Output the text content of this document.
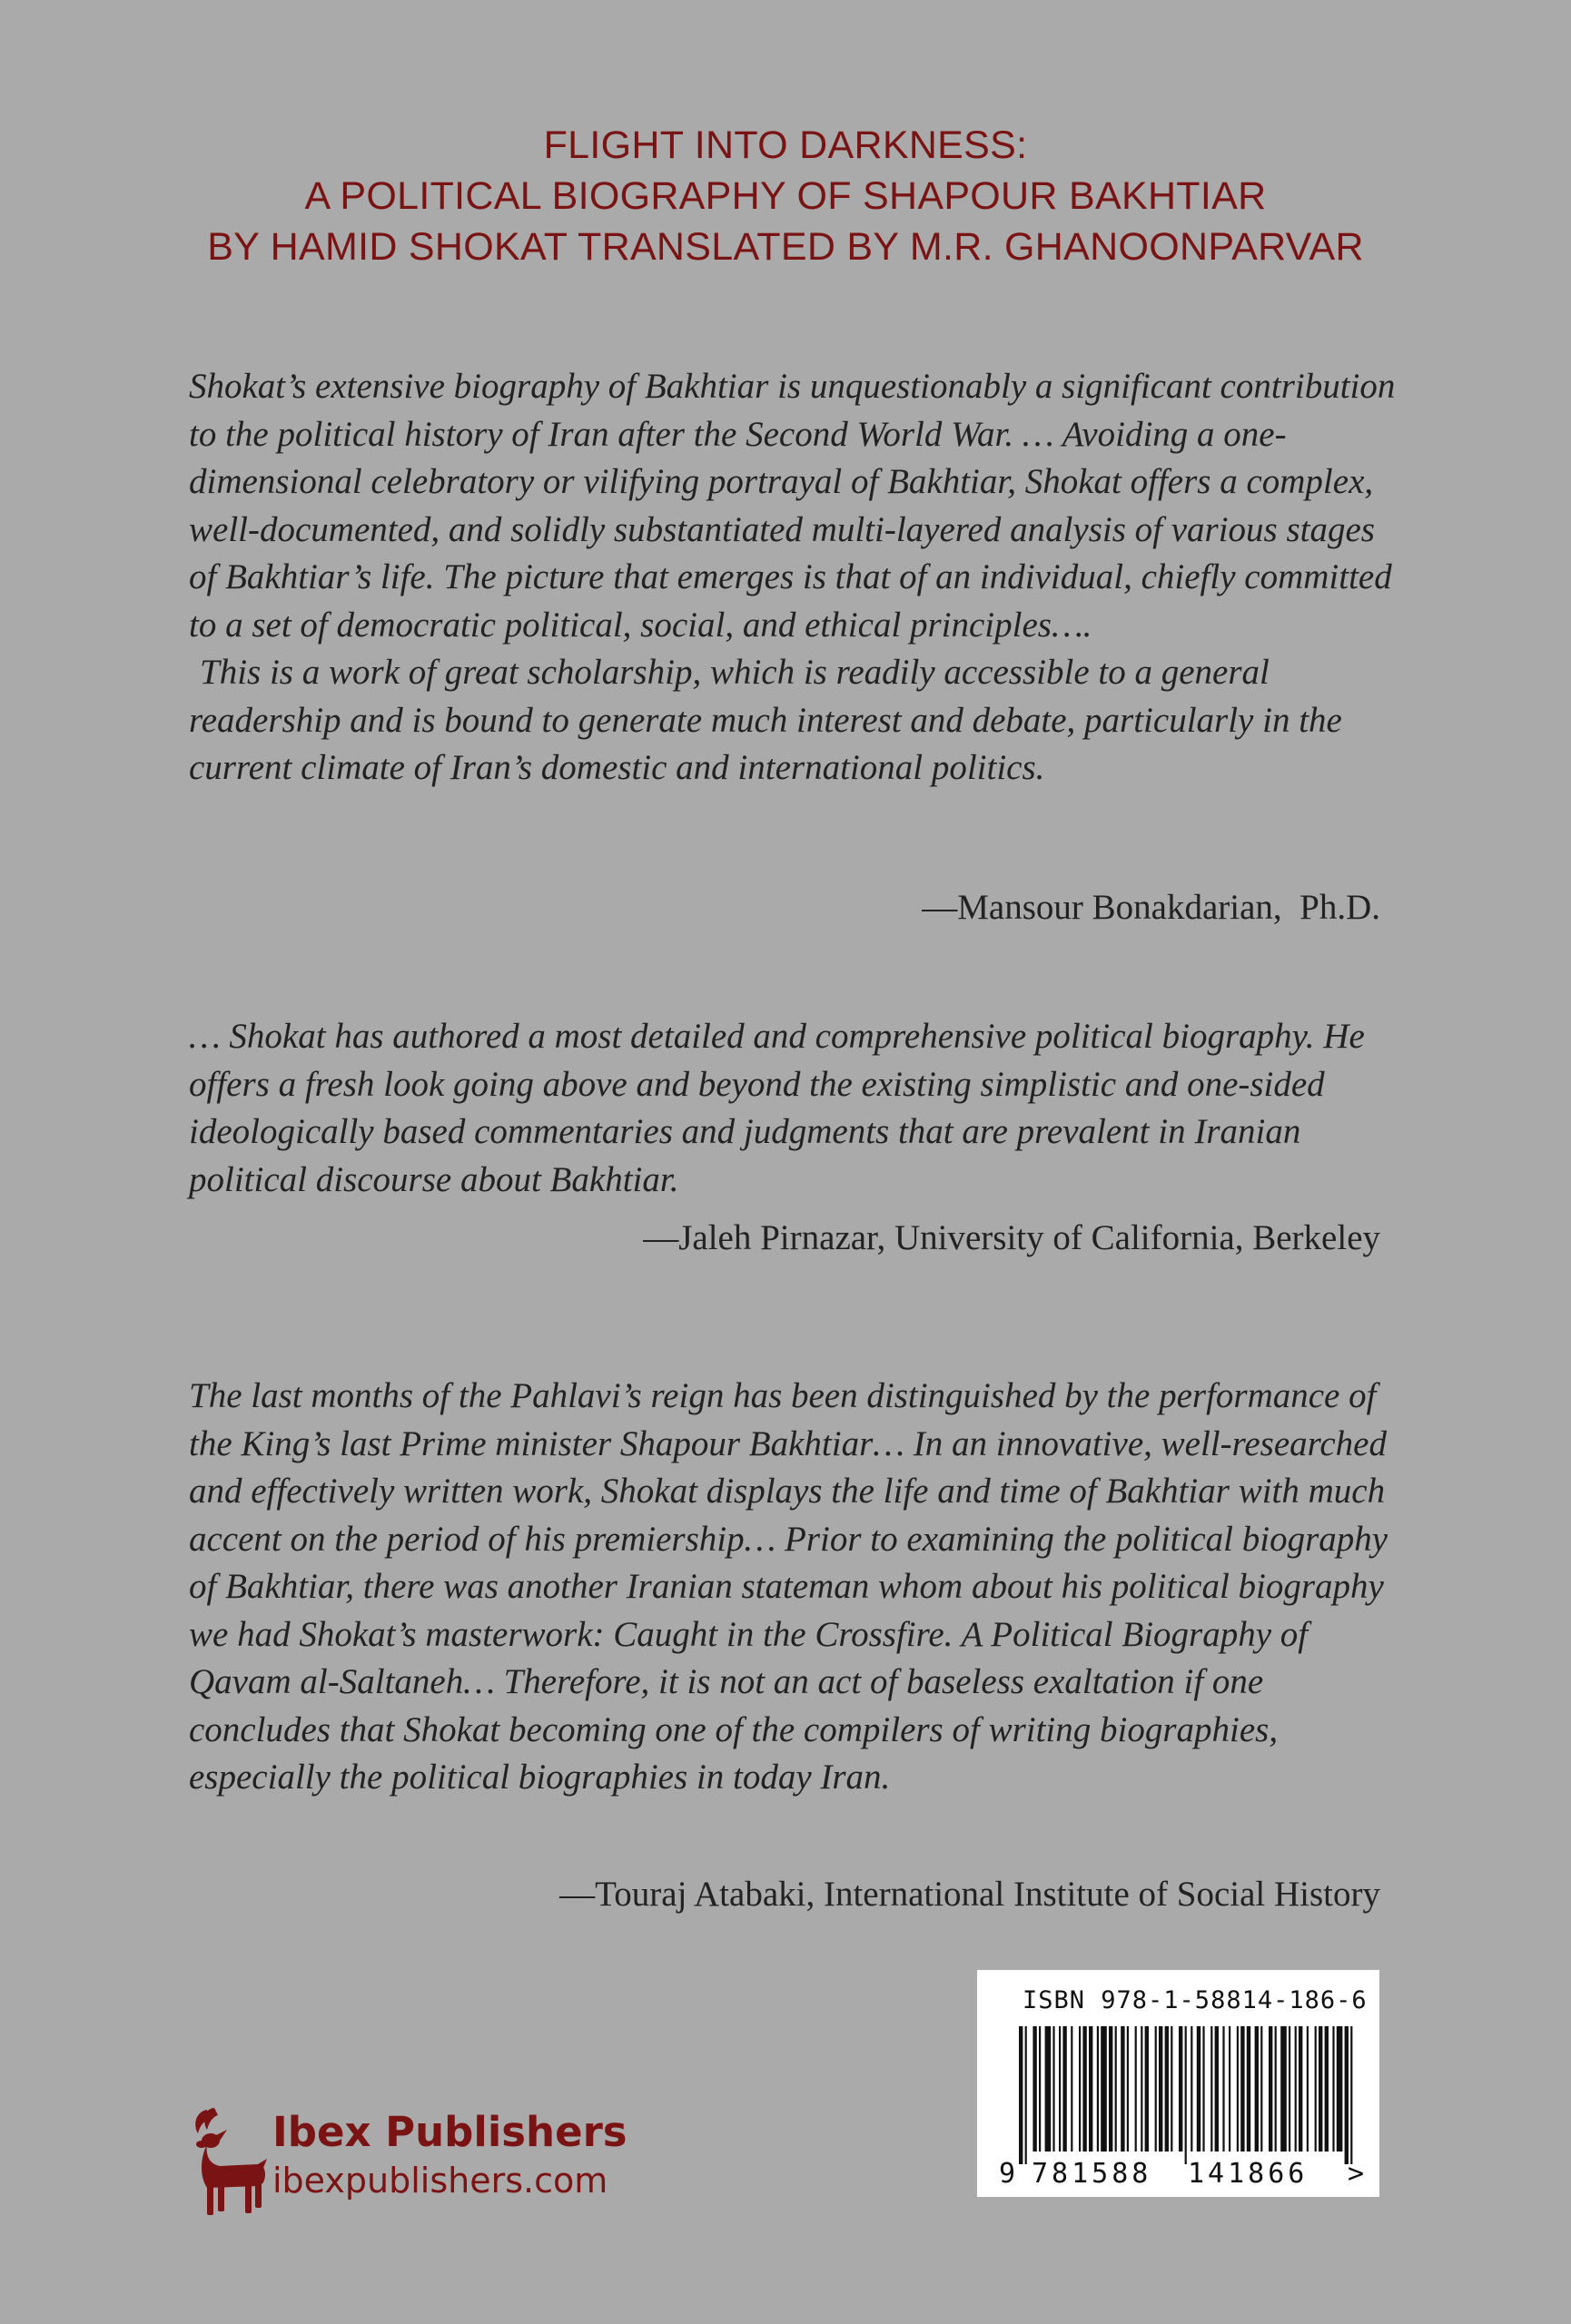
FLIGHT INTO DARKNESS:
A POLITICAL BIOGRAPHY OF SHAPOUR BAKHTIAR
BY HAMID SHOKAT TRANSLATED BY M.R. GHANOONPARVAR

Shokat’s extensive biography of Bakhtiar is unquestionably a significant contribution to the political history of Iran after the Second World War. … Avoiding a one-dimensional celebratory or vilifying portrayal of Bakhtiar, Shokat offers a complex, well-documented, and solidly substantiated multi-layered analysis of various stages of Bakhtiar’s life. The picture that emerges is that of an individual, chiefly committed to a set of democratic political, social, and ethical principles….

This is a work of great scholarship, which is readily accessible to a general readership and is bound to generate much interest and debate, particularly in the current climate of Iran’s domestic and international politics.

—Mansour Bonakdarian,  Ph.D.

… Shokat has authored a most detailed and comprehensive political biography. He offers a fresh look going above and beyond the existing simplistic and one-sided ideologically based commentaries and judgments that are prevalent in Iranian political discourse about Bakhtiar.

—Jaleh Pirnazar, University of California, Berkeley

The last months of the Pahlavi’s reign has been distinguished by the performance of the King’s last Prime minister Shapour Bakhtiar… In an innovative, well-researched and effectively written work, Shokat displays the life and time of Bakhtiar with much accent on the period of his premiership… Prior to examining the political biography of Bakhtiar, there was another Iranian stateman whom about his political biography we had Shokat’s masterwork: Caught in the Crossfire. A Political Biography of Qavam al-Saltaneh… Therefore, it is not an act of baseless exaltation if one concludes that Shokat becoming one of the compilers of writing biographies, especially the political biographies in today Iran.

—Touraj Atabaki, International Institute of Social History
ISBN 978-1-58814-186-6
9 781588 141866 >
Ibex Publishers
ibexpublishers.com
